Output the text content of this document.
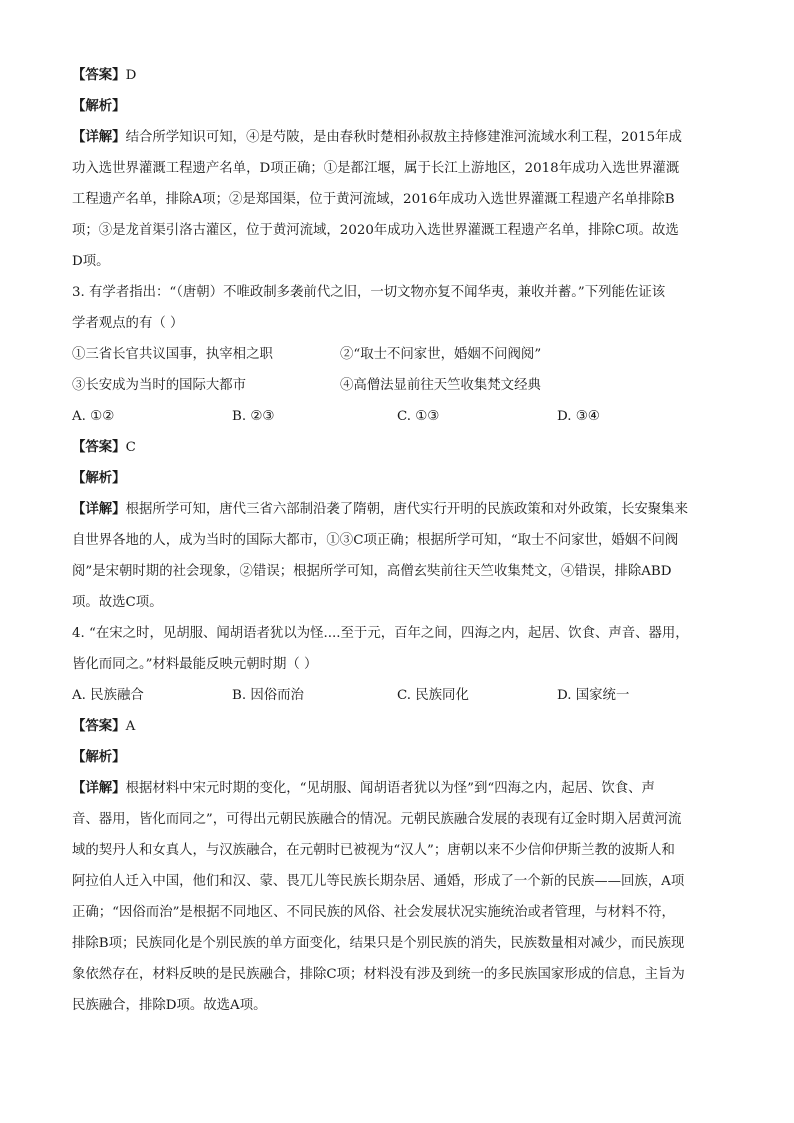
【答案】D
【解析】
【详解】结合所学知识可知，④是芍陂，是由春秋时楚相孙叔敖主持修建淮河流域水利工程，2015年成
功入选世界灌溉工程遗产名单，D项正确；①是都江堰，属于长江上游地区，2018年成功入选世界灌溉
工程遗产名单，排除A项；②是郑国渠，位于黄河流域，2016年成功入选世界灌溉工程遗产名单排除B
项；③是龙首渠引洛古灌区，位于黄河流域，2020年成功入选世界灌溉工程遗产名单，排除C项。故选
D项。
3. 有学者指出：“（唐朝）不唯政制多袭前代之旧，一切文物亦复不闻华夷，兼收并蓄。”下列能佐证该
学者观点的有（ ）
①三省长官共议国事，执宰相之职	②“取士不问家世，婚姻不问阀阅”
③长安成为当时的国际大都市	④高僧法显前往天竺收集梵文经典
A. ①②	B. ②③	C. ①③	D. ③④
【答案】C
【解析】
【详解】根据所学可知，唐代三省六部制沿袭了隋朝，唐代实行开明的民族政策和对外政策，长安聚集来
自世界各地的人，成为当时的国际大都市，①③C项正确；根据所学可知，“取士不问家世，婚姻不问阀
阅”是宋朝时期的社会现象，②错误；根据所学可知，高僧玄奘前往天竺收集梵文，④错误，排除ABD
项。故选C项。
4. “在宋之时，见胡服、闻胡语者犹以为怪....至于元，百年之间，四海之内，起居、饮食、声音、器用，
皆化而同之。”材料最能反映元朝时期（ ）
A. 民族融合	B. 因俗而治	C. 民族同化	D. 国家统一
【答案】A
【解析】
【详解】根据材料中宋元时期的变化，“见胡服、闻胡语者犹以为怪”到“四海之内，起居、饮食、声
音、器用，皆化而同之”，可得出元朝民族融合的情况。元朝民族融合发展的表现有辽金时期入居黄河流
域的契丹人和女真人，与汉族融合，在元朝时已被视为“汉人”；唐朝以来不少信仰伊斯兰教的波斯人和
阿拉伯人迁入中国，他们和汉、蒙、畏兀儿等民族长期杂居、通婚，形成了一个新的民族——回族，A项
正确；“因俗而治”是根据不同地区、不同民族的风俗、社会发展状况实施统治或者管理，与材料不符，
排除B项；民族同化是个别民族的单方面变化，结果只是个别民族的消失，民族数量相对减少，而民族现
象依然存在，材料反映的是民族融合，排除C项；材料没有涉及到统一的多民族国家形成的信息，主旨为
民族融合，排除D项。故选A项。
